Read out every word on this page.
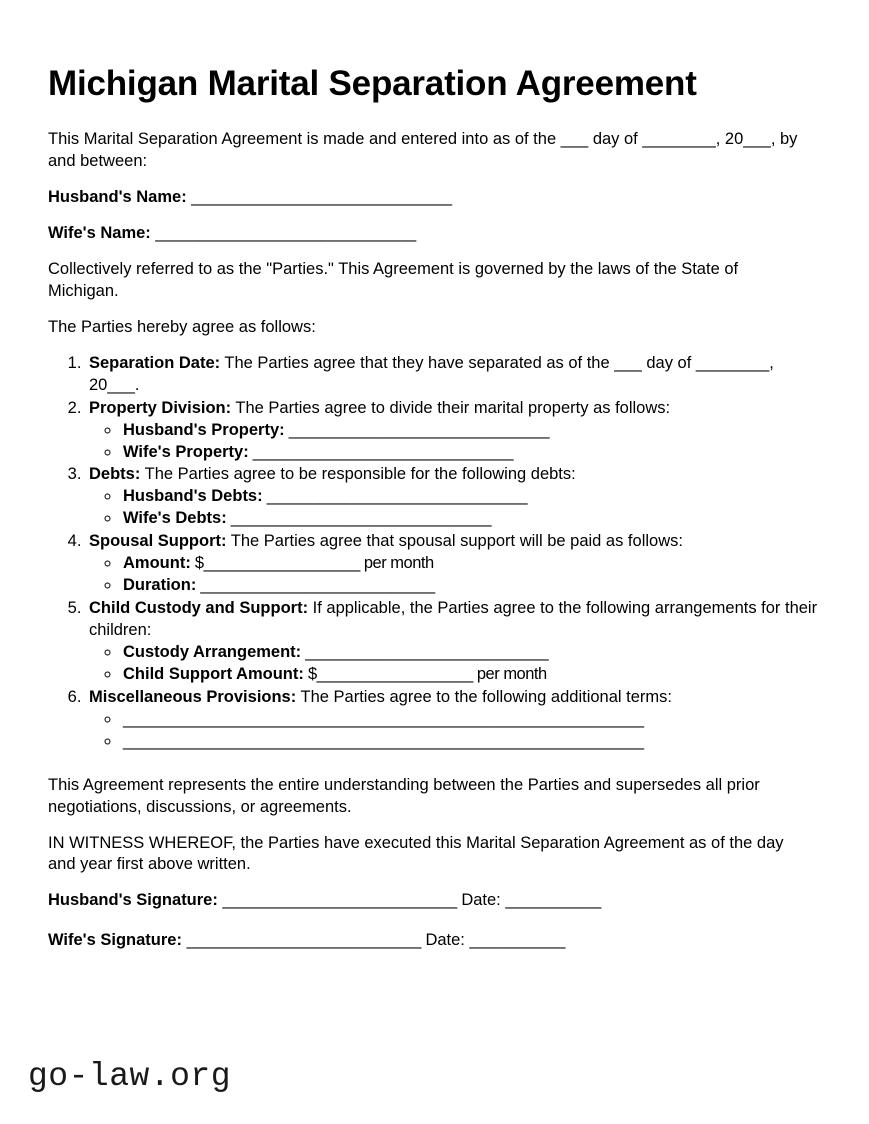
Michigan Marital Separation Agreement

This Marital Separation Agreement is made and entered into as of the ___ day of ________, 20___, by and between:

Husband's Name: ______________________________
Wife's Name: ______________________________

Collectively referred to as the "Parties." This Agreement is governed by the laws of the State of Michigan.

The Parties hereby agree as follows:

1. Separation Date: The Parties agree that they have separated as of the ___ day of ________, 20___.
2. Property Division: The Parties agree to divide their marital property as follows:
◦ Husband's Property: ______________________________
◦ Wife's Property: ______________________________
3. Debts: The Parties agree to be responsible for the following debts:
◦ Husband's Debts: ______________________________
◦ Wife's Debts: ______________________________
4. Spousal Support: The Parties agree that spousal support will be paid as follows:
◦ Amount: $__________________ per month
◦ Duration: ___________________________
5. Child Custody and Support: If applicable, the Parties agree to the following arrangements for their children:
◦ Custody Arrangement: ____________________________
◦ Child Support Amount: $__________________ per month
6. Miscellaneous Provisions: The Parties agree to the following additional terms:
◦ ____________________________________________________________
◦ ____________________________________________________________

This Agreement represents the entire understanding between the Parties and supersedes all prior negotiations, discussions, or agreements.

IN WITNESS WHEREOF, the Parties have executed this Marital Separation Agreement as of the day and year first above written.

Husband's Signature: ___________________________ Date: ___________
Wife's Signature: ___________________________ Date: ___________
go-law.org
